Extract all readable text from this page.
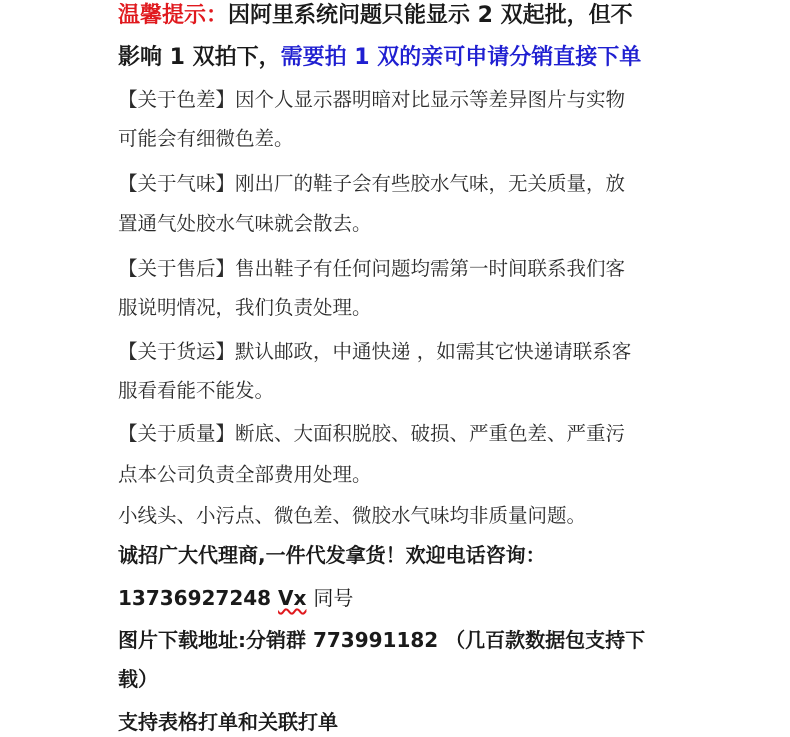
温馨提示：因阿里系统问题只能显示 2 双起批，但不
影响 1 双拍下，需要拍 1 双的亲可申请分销直接下单
【关于色差】因个人显示器明暗对比显示等差异图片与实物
可能会有细微色差。
【关于气味】刚出厂的鞋子会有些胶水气味，无关质量，放
置通气处胶水气味就会散去。
【关于售后】售出鞋子有任何问题均需第一时间联系我们客
服说明情况，我们负责处理。
【关于货运】默认邮政，中通快递 ，如需其它快递请联系客
服看看能不能发。
【关于质量】断底、大面积脱胶、破损、严重色差、严重污
点本公司负责全部费用处理。
小线头、小污点、微色差、微胶水气味均非质量问题。
诚招广大代理商,一件代发拿货！欢迎电话咨询：
13736927248 Vx 同号
图片下载地址:分销群 773991182 （几百款数据包支持下
载）
支持表格打单和关联打单
